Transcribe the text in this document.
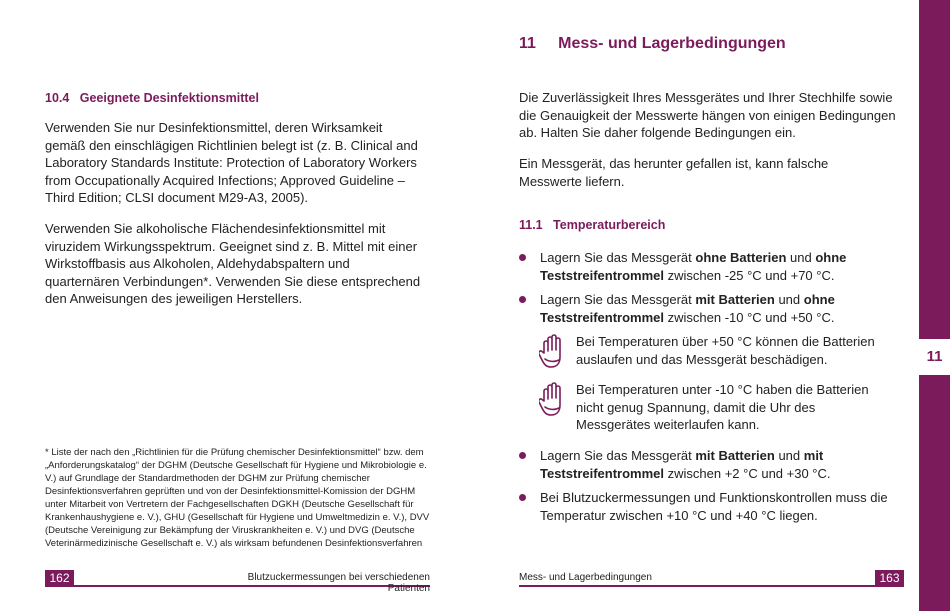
11
10.4   Geeignete Desinfektionsmittel
Verwenden Sie nur Desinfektionsmittel, deren Wirksamkeit gemäß den einschlägigen Richtlinien belegt ist (z. B. Clinical and Laboratory Standards Institute: Protection of Laboratory Workers from Occupationally Acquired Infections; Approved Guideline – Third Edition; CLSI document M29-A3, 2005).
Verwenden Sie alkoholische Flächendesinfektionsmittel mit viruzidem Wirkungsspektrum. Geeignet sind z. B. Mittel mit einer Wirkstoffbasis aus Alkoholen, Aldehydabspaltern und quarternären Verbindungen*. Verwenden Sie diese entsprechend den Anweisungen des jeweiligen Herstellers.
* Liste der nach den „Richtlinien für die Prüfung chemischer Desinfektionsmittel“ bzw. dem „Anforderungskatalog“ der DGHM (Deutsche Gesellschaft für Hygiene und Mikrobiologie e. V.) auf Grundlage der Standardmethoden der DGHM zur Prüfung chemischer Desinfektionsverfahren geprüften und von der Desinfektionsmittel-Komission der DGHM unter Mitarbeit von Vertretern der Fachgesellschaften DGKH (Deutsche Gesellschaft für Krankenhaushygiene e. V.), GHU (Gesellschaft für Hygiene und Umweltmedizin e. V.), DVV (Deutsche Vereinigung zur Bekämpfung der Viruskrankheiten e. V.) und DVG (Deutsche Veterinärmedizinische Gesellschaft e. V.) als wirksam befundenen Desinfektionsverfahren
162	Blutzuckermessungen bei verschiedenen Patienten
11     Mess- und Lagerbedingungen
Die Zuverlässigkeit Ihres Messgerätes und Ihrer Stechhilfe sowie die Genauigkeit der Messwerte hängen von einigen Bedingungen ab. Halten Sie daher folgende Bedingungen ein.
Ein Messgerät, das herunter gefallen ist, kann falsche Messwerte liefern.
11.1   Temperaturbereich
Lagern Sie das Messgerät ohne Batterien und ohne Teststreifentrommel zwischen -25 °C und +70 °C.
Lagern Sie das Messgerät mit Batterien und ohne Teststreifentrommel zwischen -10 °C und +50 °C.
Bei Temperaturen über +50 °C können die Batterien auslaufen und das Messgerät beschädigen.
Bei Temperaturen unter -10 °C haben die Batterien nicht genug Spannung, damit die Uhr des Messgerätes weiterlaufen kann.
Lagern Sie das Messgerät mit Batterien und mit Teststreifentrommel zwischen +2 °C und +30 °C.
Bei Blutzuckermessungen und Funktionskontrollen muss die Temperatur zwischen +10 °C und +40 °C liegen.
Mess- und Lagerbedingungen	163
